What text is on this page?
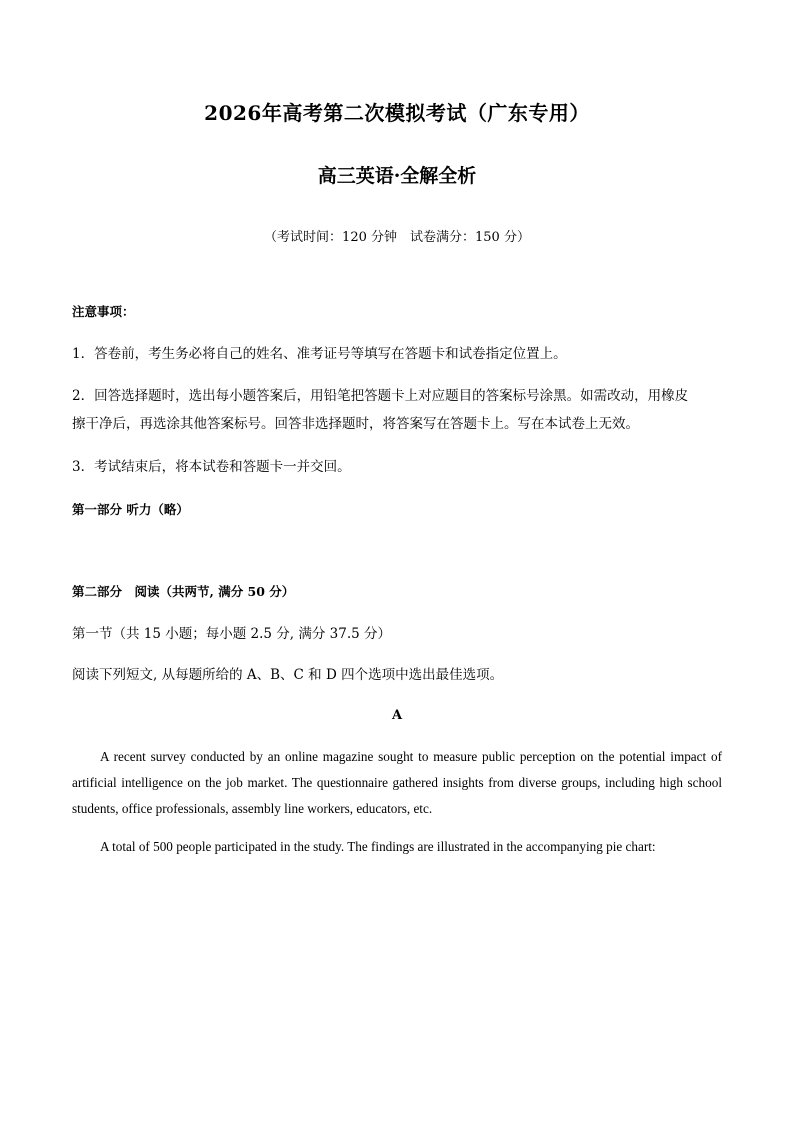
2026年高考第二次模拟考试（广东专用）
高三英语·全解全析
（考试时间：120 分钟　试卷满分：150 分）
注意事项：
1．答卷前，考生务必将自己的姓名、准考证号等填写在答题卡和试卷指定位置上。
2．回答选择题时，选出每小题答案后，用铅笔把答题卡上对应题目的答案标号涂黑。如需改动，用橡皮
擦干净后，再选涂其他答案标号。回答非选择题时，将答案写在答题卡上。写在本试卷上无效。
3．考试结束后，将本试卷和答题卡一并交回。
第一部分 听力（略）
第二部分　阅读（共两节, 满分 50 分）
第一节（共 15 小题；每小题 2.5 分, 满分 37.5 分）
阅读下列短文, 从每题所给的 A、B、C 和 D 四个选项中选出最佳选项。
A
A recent survey conducted by an online magazine sought to measure public perception on the potential impact of artificial intelligence on the job market. The questionnaire gathered insights from diverse groups, including high school students, office professionals, assembly line workers, educators, etc.
A total of 500 people participated in the study. The findings are illustrated in the accompanying pie chart:
